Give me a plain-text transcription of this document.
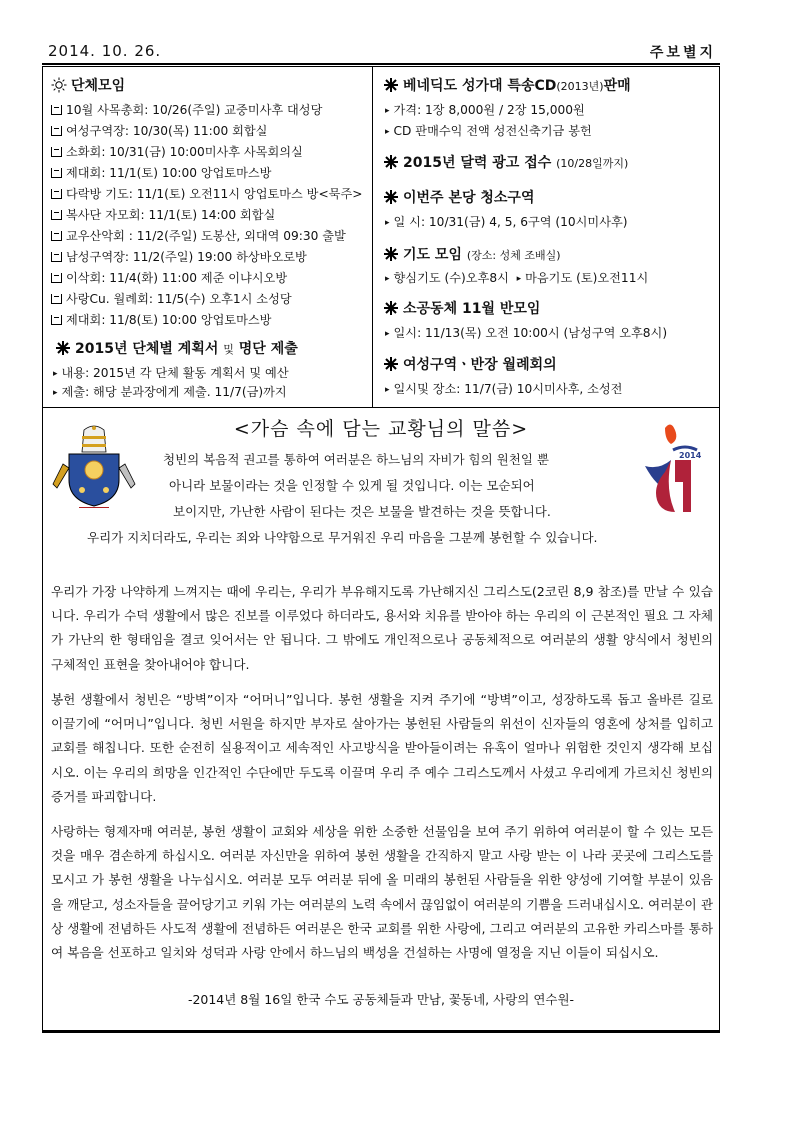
2014. 10. 26.	주보별지
단체모임
10월 사목총회: 10/26(주일) 교중미사후 대성당
여성구역장: 10/30(목) 11:00 회합실
소화회: 10/31(금) 10:00미사후 사목회의실
제대회: 11/1(토) 10:00 앙업토마스방
다락방 기도: 11/1(토) 오전11시 앙업토마스 방<묵주>
복사단 자모회: 11/1(토) 14:00 회합실
교우산악회 : 11/2(주일) 도봉산, 외대역 09:30 출발
남성구역장: 11/2(주일) 19:00 하상바오로방
이삭회: 11/4(화) 11:00 제준 이냐시오방
사랑Cu. 월례회: 11/5(수) 오후1시 소성당
제대회: 11/8(토) 10:00 앙업토마스방
2015년 단체별 계획서 및 명단 제출
▸ 내용: 2015년 각 단체 활동 계획서 및 예산
▸ 제출: 해당 분과장에게 제출. 11/7(금)까지
베네딕도 성가대 특송CD(2013년)판매
▸ 가격: 1장 8,000원 / 2장 15,000원
▸ CD 판매수익 전액 성전신축기금 봉헌
2015년 달력 광고 접수 (10/28일까지)
이번주 본당 청소구역
▸ 일 시: 10/31(금) 4, 5, 6구역 (10시미사후)
기도 모임 (장소: 성체 조배실)
▸ 향심기도 (수)오후8시 ▸ 마음기도 (토)오전11시
소공동체 11월 반모임
▸ 일시: 11/13(목) 오전 10:00시 (남성구역 오후8시)
여성구역ㆍ반장 월례회의
▸ 일시및 장소: 11/7(금) 10시미사후, 소성전
<가슴 속에 담는 교황님의 말씀>
2014
청빈의 복음적 권고를 통하여 여러분은 하느님의 자비가 힘의 원천일 뿐
아니라 보물이라는 것을 인정할 수 있게 될 것입니다. 이는 모순되어
보이지만, 가난한 사람이 된다는 것은 보물을 발견하는 것을 뜻합니다.
우리가 지치더라도, 우리는 죄와 나약함으로 무거워진 우리 마음을 그분께 봉헌할 수 있습니다.

우리가 가장 나약하게 느껴지는 때에 우리는, 우리가 부유해지도록 가난해지신 그리스도(2코린 8,9 참조)를 만날 수 있습니다. 우리가 수덕 생활에서 많은 진보를 이루었다 하더라도, 용서와 치유를 받아야 하는 우리의 이 근본적인 필요 그 자체가 가난의 한 형태임을 결코 잊어서는 안 됩니다. 그 밖에도 개인적으로나 공동체적으로 여러분의 생활 양식에서 청빈의 구체적인 표현을 찾아내어야 합니다.

봉헌 생활에서 청빈은 “방벽”이자 “어머니”입니다. 봉헌 생활을 지켜 주기에 “방벽”이고, 성장하도록 돕고 올바른 길로 이끌기에 “어머니”입니다. 청빈 서원을 하지만 부자로 살아가는 봉헌된 사람들의 위선이 신자들의 영혼에 상처를 입히고 교회를 해칩니다. 또한 순전히 실용적이고 세속적인 사고방식을 받아들이려는 유혹이 얼마나 위험한 것인지 생각해 보십시오. 이는 우리의 희망을 인간적인 수단에만 두도록 이끌며 우리 주 예수 그리스도께서 사셨고 우리에게 가르치신 청빈의 증거를 파괴합니다.

사랑하는 형제자매 여러분, 봉헌 생활이 교회와 세상을 위한 소중한 선물임을 보여 주기 위하여 여러분이 할 수 있는 모든 것을 매우 겸손하게 하십시오. 여러분 자신만을 위하여 봉헌 생활을 간직하지 말고 사랑 받는 이 나라 곳곳에 그리스도를 모시고 가 봉헌 생활을 나누십시오. 여러분 모두 여러분 뒤에 올 미래의 봉헌된 사람들을 위한 양성에 기여할 부분이 있음을 깨닫고, 성소자들을 끌어당기고 키워 가는 여러분의 노력 속에서 끊임없이 여러분의 기쁨을 드러내십시오. 여러분이 관상 생활에 전념하든 사도적 생활에 전념하든 여러분은 한국 교회를 위한 사랑에, 그리고 여러분의 고유한 카리스마를 통하여 복음을 선포하고 일치와 성덕과 사랑 안에서 하느님의 백성을 건설하는 사명에 열정을 지닌 이들이 되십시오.

-2014년 8월 16일 한국 수도 공동체들과 만남, 꽃동네, 사랑의 연수원-
